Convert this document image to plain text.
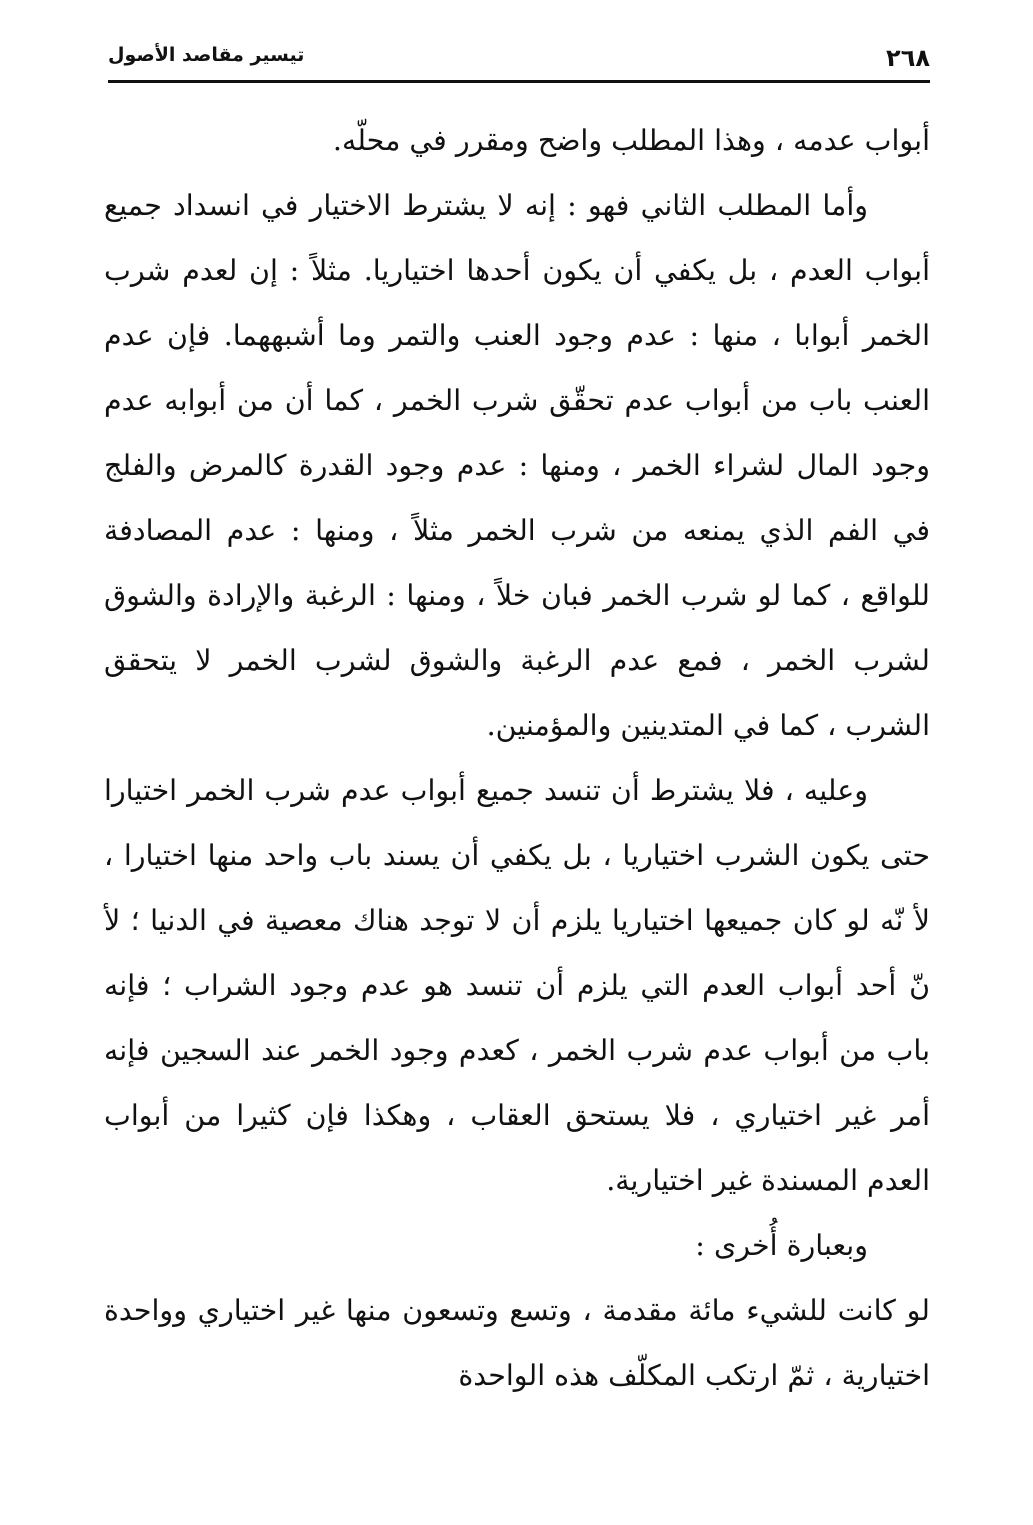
٢٦٨
تيسير مقاصد الأصول

أبواب عدمه ، وهذا المطلب واضح ومقرر في محلّه.

وأما المطلب الثاني فهو : إنه لا يشترط الاختيار في انسداد جميع أبواب العدم ، بل يكفي أن يكون أحدها اختياريا. مثلاً : إن لعدم شرب الخمر أبوابا ، منها : عدم وجود العنب والتمر وما أشبههما. فإن عدم العنب باب من أبواب عدم تحقّق شرب الخمر ، كما أن من أبوابه عدم وجود المال لشراء الخمر ، ومنها : عدم وجود القدرة كالمرض والفلج في الفم الذي يمنعه من شرب الخمر مثلاً ، ومنها : عدم المصادفة للواقع ، كما لو شرب الخمر فبان خلاً ، ومنها : الرغبة والإرادة والشوق لشرب الخمر ، فمع عدم الرغبة والشوق لشرب الخمر لا يتحقق الشرب ، كما في المتدينين والمؤمنين.

وعليه ، فلا يشترط أن تنسد جميع أبواب عدم شرب الخمر اختيارا حتى يكون الشرب اختياريا ، بل يكفي أن يسند باب واحد منها اختيارا ، لأ نّه لو كان جميعها اختياريا يلزم أن لا توجد هناك معصية في الدنيا ؛ لأ نّ أحد أبواب العدم التي يلزم أن تنسد هو عدم وجود الشراب ؛ فإنه باب من أبواب عدم شرب الخمر ، كعدم وجود الخمر عند السجين فإنه أمر غير اختياري ، فلا يستحق العقاب ، وهكذا فإن كثيرا من أبواب العدم المسندة غير اختيارية.

وبعبارة أُخرى :

لو كانت للشيء مائة مقدمة ، وتسع وتسعون منها غير اختياري وواحدة اختيارية ، ثمّ ارتكب المكلّف هذه الواحدة
